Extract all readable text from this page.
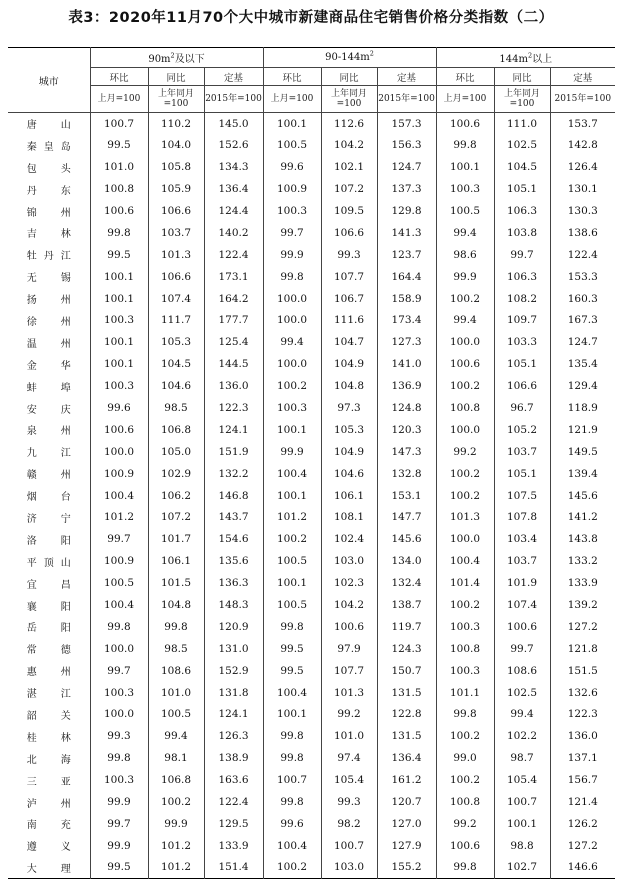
表3：2020年11月70个大中城市新建商品住宅销售价格分类指数（二）
城市	$90m^2$及以下			$90-144m^2$			$144m^2$以上		
	环比	同比	定基	环比	同比	定基	环比	同比	定基
	上月=100	上年同月=100	2015年=100	上月=100	上年同月=100	2015年=100	上月=100	上年同月=100	2015年=100
唐山	100.7	110.2	145.0	100.1	112.6	157.3	100.6	111.0	153.7
秦皇岛	99.5	104.0	152.6	100.5	104.2	156.3	99.8	102.5	142.8
包头	101.0	105.8	134.3	99.6	102.1	124.7	100.1	104.5	126.4
丹东	100.8	105.9	136.4	100.9	107.2	137.3	100.3	105.1	130.1
锦州	100.6	106.6	124.4	100.3	109.5	129.8	100.5	106.3	130.3
吉林	99.8	103.7	140.2	99.7	106.6	141.3	99.4	103.8	138.6
牡丹江	99.5	101.3	122.4	99.9	99.3	123.7	98.6	99.7	122.4
无锡	100.1	106.6	173.1	99.8	107.7	164.4	99.9	106.3	153.3
扬州	100.1	107.4	164.2	100.0	106.7	158.9	100.2	108.2	160.3
徐州	100.3	111.7	177.7	100.0	111.6	173.4	99.4	109.7	167.3
温州	100.1	105.3	125.4	99.4	104.7	127.3	100.0	103.3	124.7
金华	100.1	104.5	144.5	100.0	104.9	141.0	100.6	105.1	135.4
蚌埠	100.3	104.6	136.0	100.2	104.8	136.9	100.2	106.6	129.4
安庆	99.6	98.5	122.3	100.3	97.3	124.8	100.8	96.7	118.9
泉州	100.6	106.8	124.1	100.1	105.3	120.3	100.0	105.2	121.9
九江	100.0	105.0	151.9	99.9	104.9	147.3	99.2	103.7	149.5
赣州	100.9	102.9	132.2	100.4	104.6	132.8	100.2	105.1	139.4
烟台	100.4	106.2	146.8	100.1	106.1	153.1	100.2	107.5	145.6
济宁	101.2	107.2	143.7	101.2	108.1	147.7	101.3	107.8	141.2
洛阳	99.7	101.7	154.6	100.2	102.4	145.6	100.0	103.4	143.8
平顶山	100.9	106.1	135.6	100.5	103.0	134.0	100.4	103.7	133.2
宜昌	100.5	101.5	136.3	100.1	102.3	132.4	101.4	101.9	133.9
襄阳	100.4	104.8	148.3	100.5	104.2	138.7	100.2	107.4	139.2
岳阳	99.8	99.8	120.9	99.8	100.6	119.7	100.3	100.6	127.2
常德	100.0	98.5	131.0	99.5	97.9	124.3	100.8	99.7	121.8
惠州	99.7	108.6	152.9	99.5	107.7	150.7	100.3	108.6	151.5
湛江	100.3	101.0	131.8	100.4	101.3	131.5	101.1	102.5	132.6
韶关	100.0	100.5	124.1	100.1	99.2	122.8	99.8	99.4	122.3
桂林	99.3	99.4	126.3	99.8	101.0	131.5	100.2	102.2	136.0
北海	99.8	98.1	138.9	99.8	97.4	136.4	99.0	98.7	137.1
三亚	100.3	106.8	163.6	100.7	105.4	161.2	100.2	105.4	156.7
泸州	99.9	100.2	122.4	99.8	99.3	120.7	100.8	100.7	121.4
南充	99.7	99.9	129.5	99.6	98.2	127.0	99.2	100.1	126.2
遵义	99.9	101.2	133.9	100.4	100.7	127.9	100.6	98.8	127.2
大理	99.5	101.2	151.4	100.2	103.0	155.2	99.8	102.7	146.6
